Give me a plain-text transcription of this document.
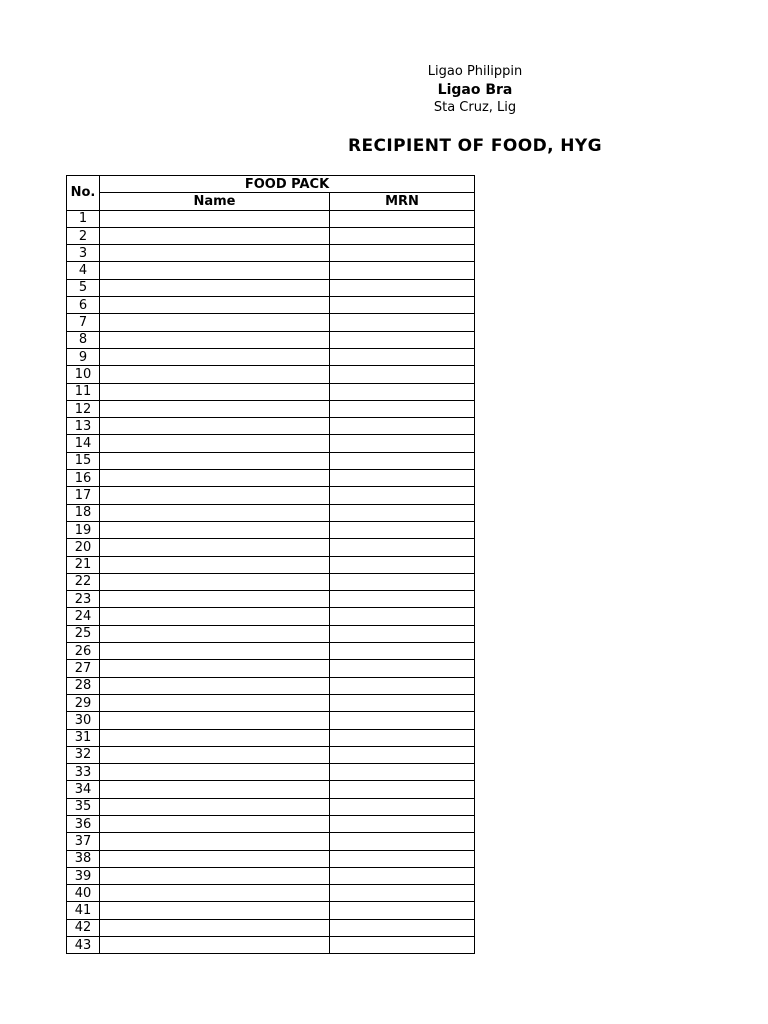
Ligao Philippin
Ligao Bra
Sta Cruz, Lig
RECIPIENT OF FOOD, HYG
No.	FOOD PACK	
	Name	MRN
1		
2		
3		
4		
5		
6		
7		
8		
9		
10		
11		
12		
13		
14		
15		
16		
17		
18		
19		
20		
21		
22		
23		
24		
25		
26		
27		
28		
29		
30		
31		
32		
33		
34		
35		
36		
37		
38		
39		
40		
41		
42		
43		
